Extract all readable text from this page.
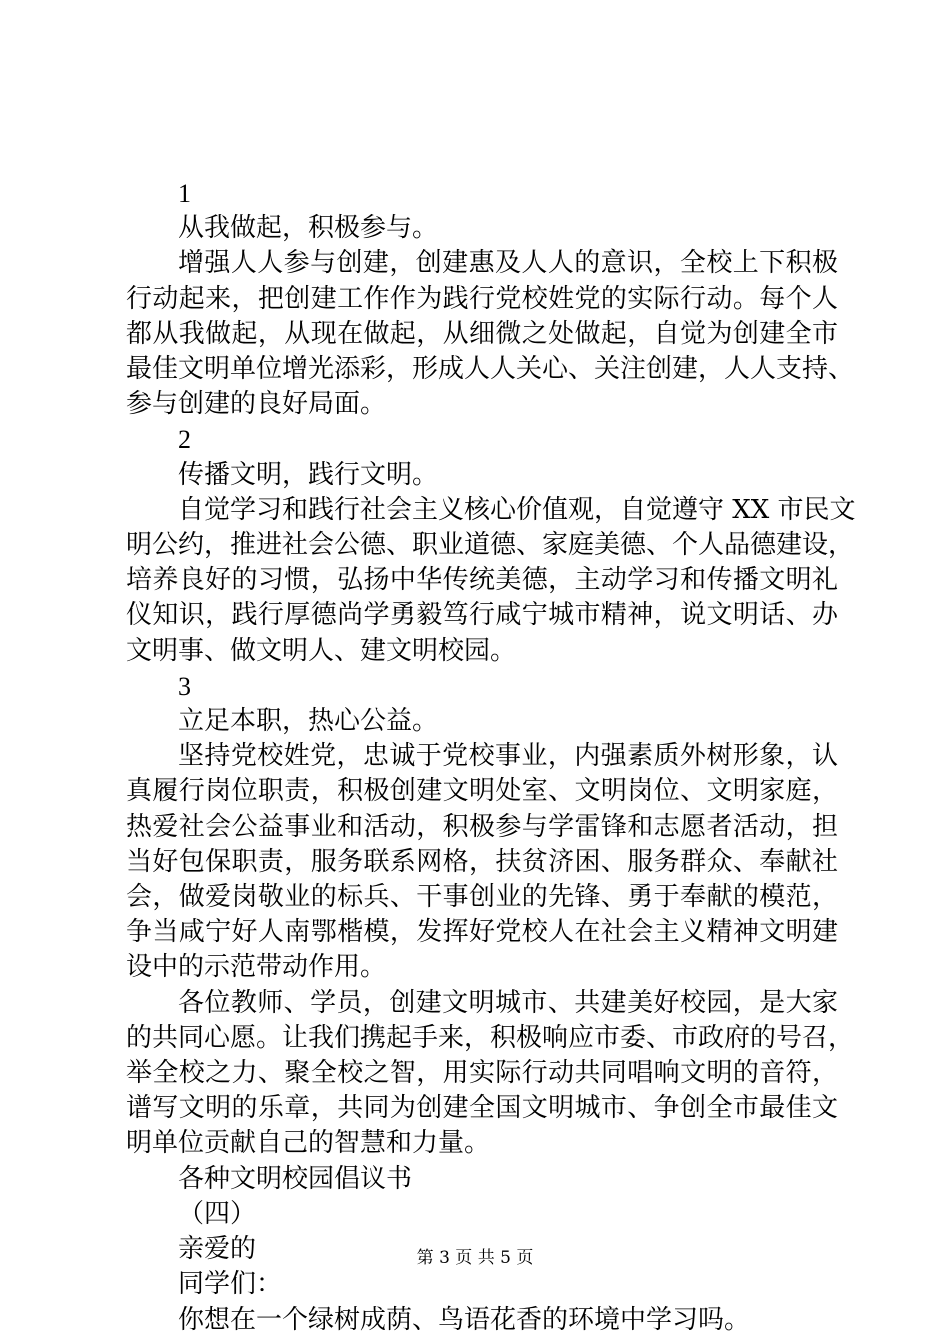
1
从我做起，积极参与。
增强人人参与创建，创建惠及人人的意识，全校上下积极
行动起来，把创建工作作为践行党校姓党的实际行动。每个人
都从我做起，从现在做起，从细微之处做起，自觉为创建全市
最佳文明单位增光添彩，形成人人关心、关注创建，人人支持、
参与创建的良好局面。
2
传播文明，践行文明。
自觉学习和践行社会主义核心价值观，自觉遵守 XX 市民文
明公约，推进社会公德、职业道德、家庭美德、个人品德建设，
培养良好的习惯，弘扬中华传统美德，主动学习和传播文明礼
仪知识，践行厚德尚学勇毅笃行咸宁城市精神，说文明话、办
文明事、做文明人、建文明校园。
3
立足本职，热心公益。
坚持党校姓党，忠诚于党校事业，内强素质外树形象，认
真履行岗位职责，积极创建文明处室、文明岗位、文明家庭，
热爱社会公益事业和活动，积极参与学雷锋和志愿者活动，担
当好包保职责，服务联系网格，扶贫济困、服务群众、奉献社
会，做爱岗敬业的标兵、干事创业的先锋、勇于奉献的模范，
争当咸宁好人南鄂楷模，发挥好党校人在社会主义精神文明建
设中的示范带动作用。
各位教师、学员，创建文明城市、共建美好校园，是大家
的共同心愿。让我们携起手来，积极响应市委、市政府的号召，
举全校之力、聚全校之智，用实际行动共同唱响文明的音符，
谱写文明的乐章，共同为创建全国文明城市、争创全市最佳文
明单位贡献自己的智慧和力量。
各种文明校园倡议书
（四）
亲爱的
同学们：
你想在一个绿树成荫、鸟语花香的环境中学习吗。
第 3 页 共 5 页
